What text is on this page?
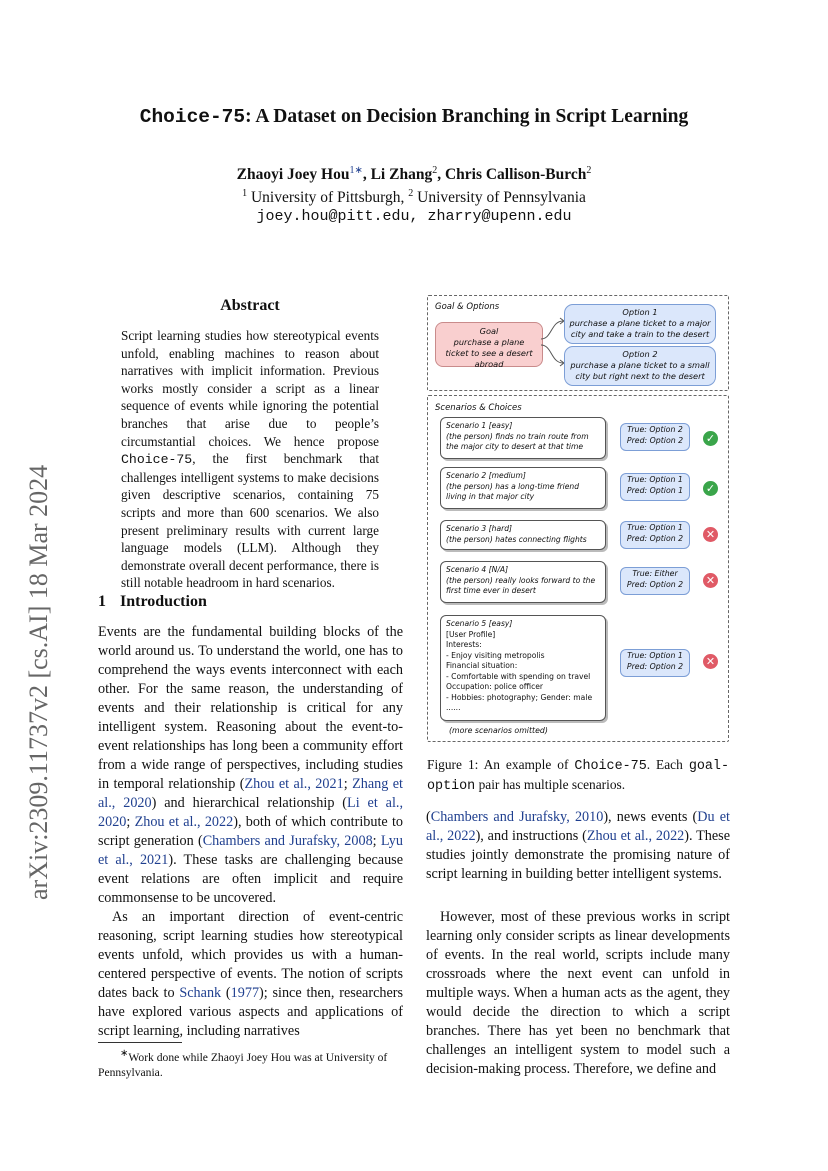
arXiv:2309.11737v2 [cs.AI] 18 Mar 2024
Choice-75: A Dataset on Decision Branching in Script Learning
Zhaoyi Joey Hou$^{1∗}$, Li Zhang$^2$, Chris Callison-Burch$^2$
$^1$ University of Pittsburgh, $^2$ University of Pennsylvania
joey.hou@pitt.edu, zharry@upenn.edu
Abstract
Script learning studies how stereotypical events unfold, enabling machines to reason about narratives with implicit information. Previous works mostly consider a script as a linear sequence of events while ignoring the potential branches that arise due to people’s circumstantial choices. We hence propose Choice-75, the first benchmark that challenges intelligent systems to make decisions given descriptive scenarios, containing 75 scripts and more than 600 scenarios. We also present preliminary results with current large language models (LLM). Although they demonstrate overall decent performance, there is still notable headroom in hard scenarios.
1 Introduction
Events are the fundamental building blocks of the world around us. To understand the world, one has to comprehend the ways events interconnect with each other. For the same reason, the understanding of events and their relationship is critical for any intelligent system. Reasoning about the event-to-event relationships has long been a community effort from a wide range of perspectives, including studies in temporal relationship (Zhou et al., 2021; Zhang et al., 2020) and hierarchical relationship (Li et al., 2020; Zhou et al., 2022), both of which contribute to script generation (Chambers and Jurafsky, 2008; Lyu et al., 2021). These tasks are challenging because event relations are often implicit and require commonsense to be uncovered.
As an important direction of event-centric reasoning, script learning studies how stereotypical events unfold, which provides us with a human-centered perspective of events. The notion of scripts dates back to Schank (1977); since then, researchers have explored various aspects and applications of script learning, including narratives
∗Work done while Zhaoyi Joey Hou was at University of Pennsylvania.
Goal & Options
Goal
purchase a plane ticket to see a desert abroad
Option 1
purchase a plane ticket to a major city and take a train to the desert
Option 2
purchase a plane ticket to a small city but right next to the desert
Scenarios & Choices
Scenario 1 [easy]
(the person) finds no train route from the major city to desert at that time
True: Option 2
Pred: Option 2	✓
Scenario 2 [medium]
(the person) has a long-time friend living in that major city
True: Option 1
Pred: Option 1	✓
Scenario 3 [hard]
(the person) hates connecting flights
True: Option 1
Pred: Option 2	✕
Scenario 4 [N/A]
(the person) really looks forward to the first time ever in desert
True: Either
Pred: Option 2	✕
Scenario 5 [easy]
[User Profile]
Interests:
- Enjoy visiting metropolis
Financial situation:
- Comfortable with spending on travel
Occupation: police officer
- Hobbies: photography; Gender: male
......
True: Option 1
Pred: Option 2	✕
(more scenarios omitted)
Figure 1: An example of Choice-75. Each goal-option pair has multiple scenarios.
(Chambers and Jurafsky, 2010), news events (Du et al., 2022), and instructions (Zhou et al., 2022). These studies jointly demonstrate the promising nature of script learning in building better intelligent systems.
However, most of these previous works in script learning only consider scripts as linear developments of events. In the real world, scripts include many crossroads where the next event can unfold in multiple ways. When a human acts as the agent, they would decide the direction to which a script branches. There has yet been no benchmark that challenges an intelligent system to model such a decision-making process. Therefore, we define and
